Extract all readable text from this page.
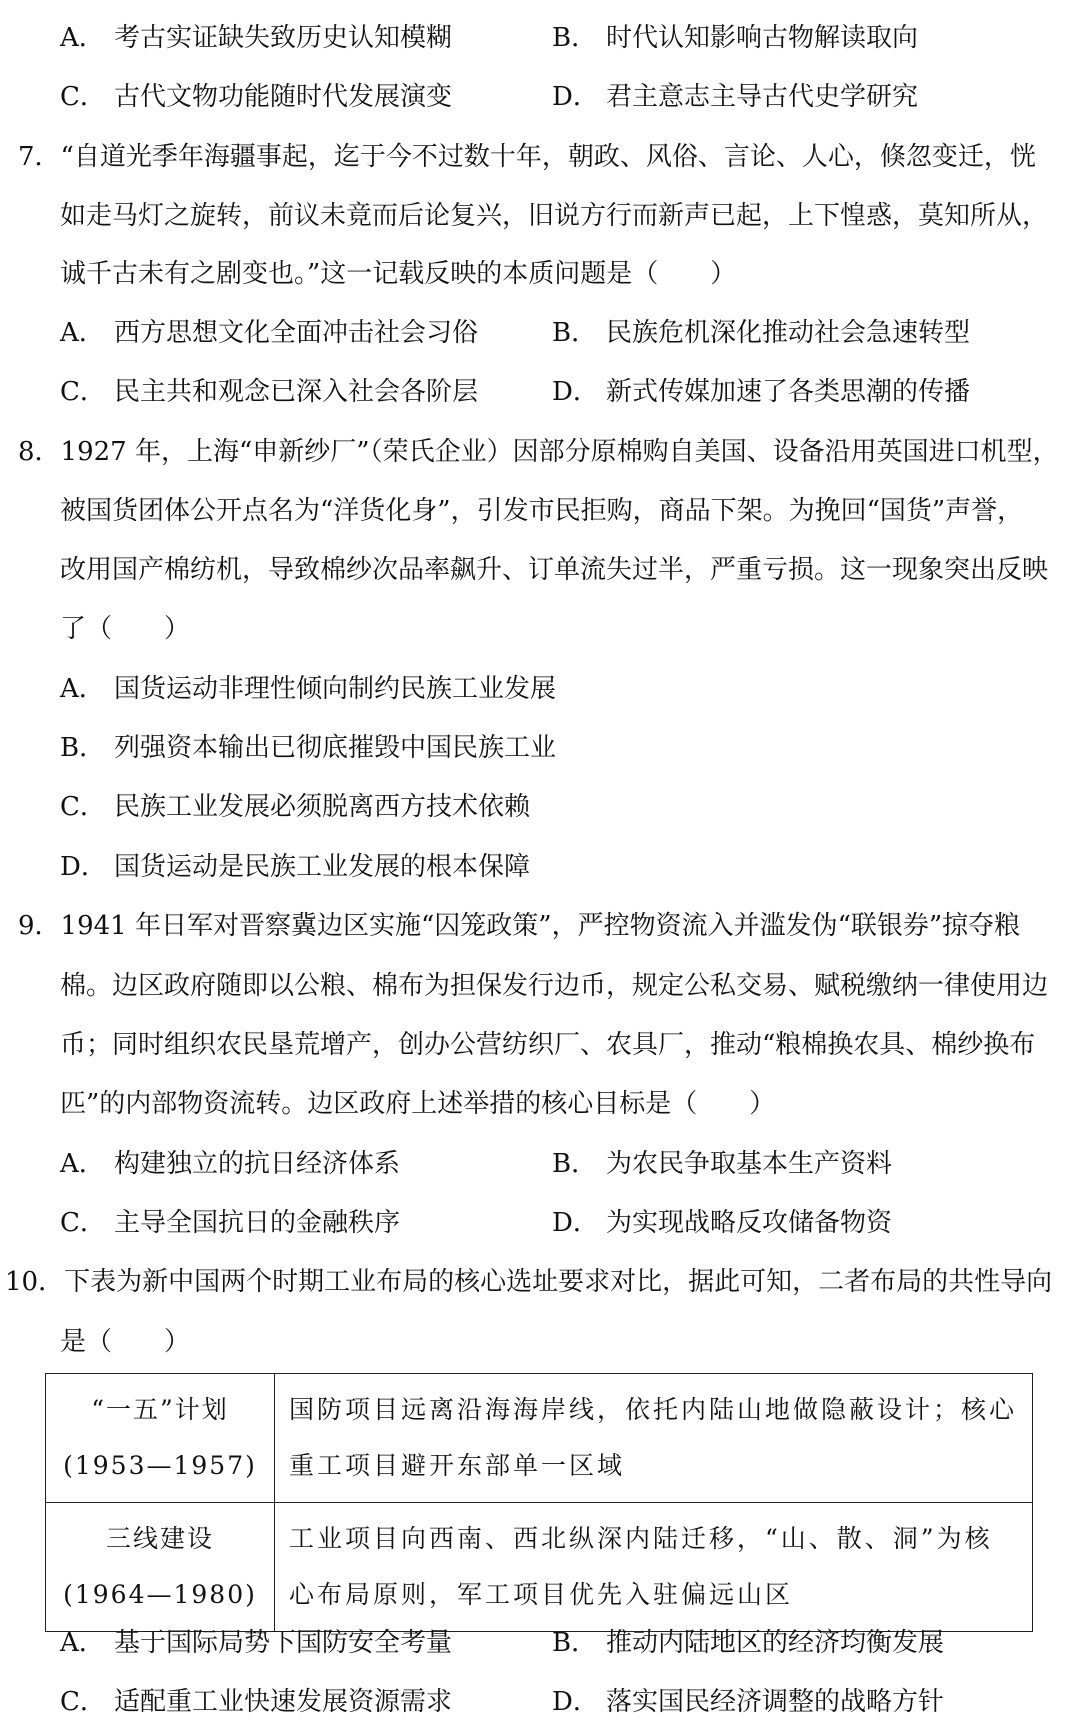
A． 考古实证缺失致历史认知模糊	B． 时代认知影响古物解读取向
C． 古代文物功能随时代发展演变	D． 君主意志主导古代史学研究
7．“自道光季年海疆事起，迄于今不过数十年，朝政、风俗、言论、人心，倏忽变迁，恍
如走马灯之旋转，前议未竟而后论复兴，旧说方行而新声已起，上下惶惑，莫知所从，
诚千古未有之剧变也。”这一记载反映的本质问题是（　　）
A． 西方思想文化全面冲击社会习俗	B． 民族危机深化推动社会急速转型
C． 民主共和观念已深入社会各阶层	D． 新式传媒加速了各类思潮的传播
8．1927 年，上海“申新纱厂”（荣氏企业）因部分原棉购自美国、设备沿用英国进口机型，
被国货团体公开点名为“洋货化身”，引发市民拒购，商品下架。为挽回“国货”声誉，
改用国产棉纺机，导致棉纱次品率飙升、订单流失过半，严重亏损。这一现象突出反映
了（　　）
A． 国货运动非理性倾向制约民族工业发展
B． 列强资本输出已彻底摧毁中国民族工业
C． 民族工业发展必须脱离西方技术依赖
D． 国货运动是民族工业发展的根本保障
9．1941 年日军对晋察冀边区实施“囚笼政策”，严控物资流入并滥发伪“联银券”掠夺粮
棉。边区政府随即以公粮、棉布为担保发行边币，规定公私交易、赋税缴纳一律使用边
币；同时组织农民垦荒增产，创办公营纺织厂、农具厂，推动“粮棉换农具、棉纱换布
匹”的内部物资流转。边区政府上述举措的核心目标是（　　）
A． 构建独立的抗日经济体系	B． 为农民争取基本生产资料
C． 主导全国抗日的金融秩序	D． 为实现战略反攻储备物资
10．下表为新中国两个时期工业布局的核心选址要求对比，据此可知，二者布局的共性导向
是（　　）
“一五”计划
(1953—1957)	国防项目远离沿海海岸线，依托内陆山地做隐蔽设计；核心重工项目避开东部单一区域

三线建设
(1964—1980)	工业项目向西南、西北纵深内陆迁移，“山、散、洞”为核心布局原则，军工项目优先入驻偏远山区
A． 基于国际局势下国防安全考量	B． 推动内陆地区的经济均衡发展
C． 适配重工业快速发展资源需求	D． 落实国民经济调整的战略方针
